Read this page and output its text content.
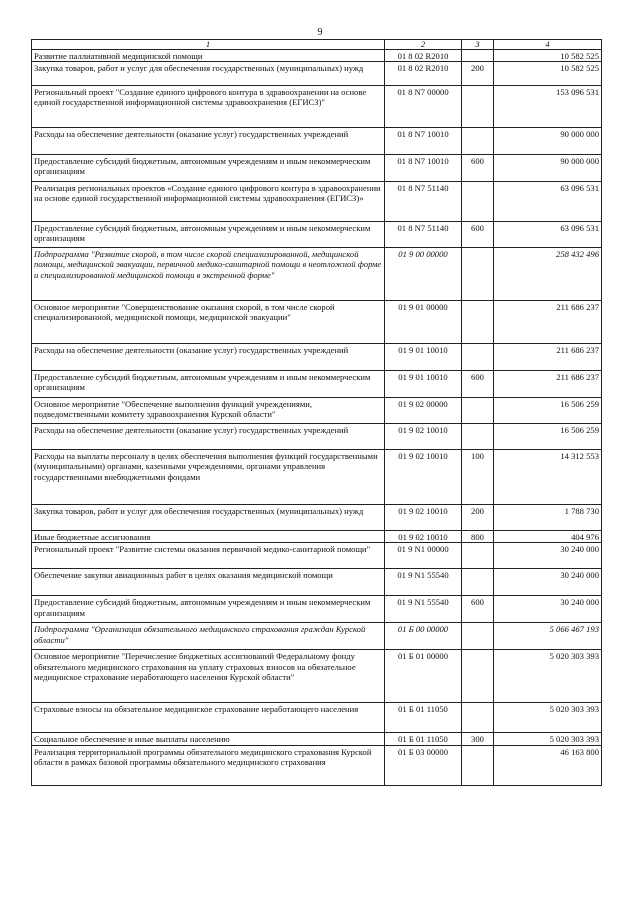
9
1	2	3	4
Развитие паллиативной медицинской помощи	01 8 02 R2010		10 582 525
Закупка товаров, работ и услуг для обеспечения государственных (муниципальных) нужд	01 8 02 R2010	200	10 582 525
Региональный проект "Создание единого цифрового контура в здравоохранении на основе единой государственной информационной системы здравоохранения (ЕГИСЗ)"	01 8 N7 00000		153 096 531
Расходы на обеспечение деятельности (оказание услуг) государственных учреждений	01 8 N7 10010		90 000 000
Предоставление субсидий бюджетным, автономным учреждениям и иным некоммерческим организациям	01 8 N7 10010	600	90 000 000
Реализация региональных проектов «Создание единого цифрового контура в здравоохранении на основе единой государственной информационной системы здравоохранения (ЕГИСЗ)»	01 8 N7 51140		63 096 531
Предоставление субсидий бюджетным, автономным учреждениям и иным некоммерческим организациям	01 8 N7 51140	600	63 096 531
Подпрограмма "Развитие скорой, в том числе скорой специализированной, медицинской помощи, медицинской эвакуации, первичной медико-санитарной помощи в неотложной форме и специализированной медицинской помощи в экстренной форме"	01 9 00 00000		258 432 496
Основное мероприятие "Совершенствование оказания скорой, в том числе скорой специализированной, медицинской помощи, медицинской эвакуации"	01 9 01 00000		211 686 237
Расходы на обеспечение деятельности (оказание услуг) государственных учреждений	01 9 01 10010		211 686 237
Предоставление субсидий бюджетным, автономным учреждениям и иным некоммерческим организациям	01 9 01 10010	600	211 686 237
Основное мероприятие "Обеспечение выполнения функций учреждениями, подведомственными комитету здравоохранения Курской области"	01 9 02 00000		16 506 259
Расходы на обеспечение деятельности (оказание услуг) государственных учреждений	01 9 02 10010		16 506 259
Расходы на выплаты персоналу в целях обеспечения выполнения функций государственными (муниципальными) органами, казенными учреждениями, органами управления государственными внебюджетными фондами	01 9 02 10010	100	14 312 553
Закупка товаров, работ и услуг для обеспечения государственных (муниципальных) нужд	01 9 02 10010	200	1 788 730
Иные бюджетные ассигнования	01 9 02 10010	800	404 976
Региональный проект "Развитие системы оказания первичной медико-санитарной помощи"	01 9 N1 00000		30 240 000
Обеспечение закупки авиационных работ в целях оказания медицинской помощи	01 9 N1 55540		30 240 000
Предоставление субсидий бюджетным, автономным учреждениям и иным некоммерческим организациям	01 9 N1 55540	600	30 240 000
Подпрограмма "Организация обязательного медицинского страхования граждан Курской области"	01 Б 00 00000		5 066 467 193
Основное мероприятие "Перечисление бюджетных ассигнований Федеральному фонду обязательного медицинского страхования на уплату страховых взносов на обязательное медицинское страхование неработающего населения Курской области"	01 Б 01 00000		5 020 303 393
Страховые взносы на обязательное медицинское страхование неработающего населения	01 Б 01 11050		5 020 303 393
Социальное обеспечение и иные выплаты населению	01 Б 01 11050	300	5 020 303 393
Реализация территориальной программы обязательного медицинского страхования Курской области в рамках базовой программы обязательного медицинского страхования	01 Б 03 00000		46 163 800
